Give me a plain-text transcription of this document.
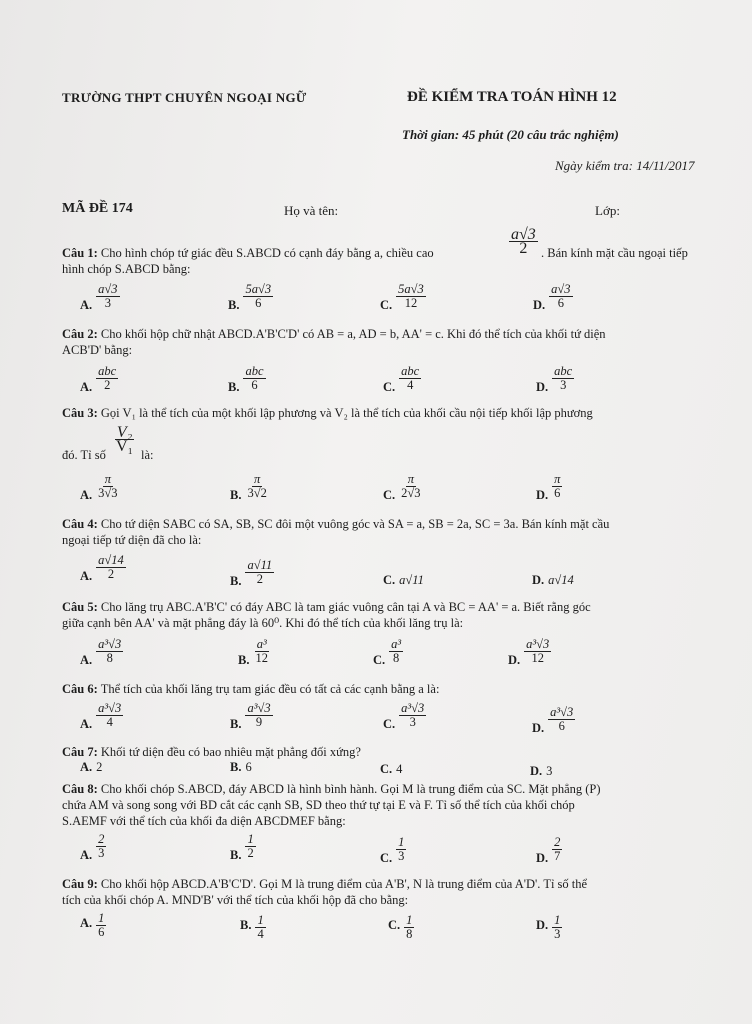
TRƯỜNG THPT CHUYÊN NGOẠI NGỮ	ĐỀ KIỂM TRA TOÁN HÌNH 12
Thời gian: 45 phút (20 câu trắc nghiệm)
Ngày kiểm tra: 14/11/2017
MÃ ĐỀ 174	Họ và tên:	Lớp:
Câu 1: Cho hình chóp tứ giác đều S.ABCD có cạnh đáy bằng a, chiều cao	$\frac{a√3}{2}$ . Bán kính mặt cầu ngoại tiếp
hình chóp S.ABCD bằng:
A. $\frac{a√3}{3}$	B. $\frac{5a√3}{6}$	C. $\frac{5a√3}{12}$	D. $\frac{a√3}{6}$
Câu 2: Cho khối hộp chữ nhật ABCD.A'B'C'D' có AB = a, AD = b, AA' = c. Khi đó thể tích của khối tứ diện
ACB'D' bằng:
A. $\frac{\text{abc}}{2}$	B. $\frac{\text{abc}}{6}$	C. $\frac{\text{abc}}{4}$	D. $\frac{\text{abc}}{3}$
Câu 3: Gọi V₁ là thể tích của một khối lập phương và V₂ là thể tích của khối cầu nội tiếp khối lập phương
đó. Tỉ số
$\frac{\text{V₂}}{\text{V₁}}$
là:
A. $\frac{\pi}{3√3}$	B. $\frac{\pi}{3√2}$	C. $\frac{\pi}{2√3}$	D. $\frac{\pi}{6}$
Câu 4: Cho tứ diện SABC có SA, SB, SC đôi một vuông góc và SA = a, SB = 2a, SC = 3a. Bán kính mặt cầu
ngoại tiếp tứ diện đã cho là:
A. $\frac{a√14}{2}$	B. $\frac{a√11}{2}$	C. a√11	D. a√14
Câu 5: Cho lăng trụ ABC.A'B'C' có đáy ABC là tam giác vuông cân tại A và BC = AA' = a. Biết rằng góc
giữa cạnh bên AA' và mặt phẳng đáy là 60⁰. Khi đó thể tích của khối lăng trụ là:
A. $\frac{\text{a³√3}}{8}$	B. $\frac{\text{a³}}{12}$	C. $\frac{\text{a³}}{8}$	D. $\frac{\text{a³√3}}{12}$
Câu 6: Thể tích của khối lăng trụ tam giác đều có tất cả các cạnh bằng a là:
A. $\frac{\text{a³√3}}{4}$	B. $\frac{\text{a³√3}}{9}$	C. $\frac{\text{a³√3}}{3}$	D. $\frac{\text{a³√3}}{6}$
Câu 7: Khối tứ diện đều có bao nhiêu mặt phẳng đối xứng?
A. 2	B. 6	C. 4	D. 3
Câu 8: Cho khối chóp S.ABCD, đáy ABCD là hình bình hành. Gọi M là trung điểm của SC. Mặt phẳng (P)
chứa AM và song song với BD cắt các cạnh SB, SD theo thứ tự tại E và F. Tỉ số thể tích của khối chóp
S.AEMF với thể tích của khối đa diện ABCDMEF bằng:
A. $\frac{2}{3}$	B. $\frac{1}{2}$	C. $\frac{1}{3}$	D. $\frac{2}{7}$
Câu 9: Cho khối hộp ABCD.A'B'C'D'. Gọi M là trung điểm của A'B', N là trung điểm của A'D'. Tỉ số thể
tích của khối chóp A. MND'B' với thể tích của khối hộp đã cho bằng:
A. $\frac{1}{6}$	B. $\frac{1}{4}$	C. $\frac{1}{8}$	D. $\frac{1}{3}$
